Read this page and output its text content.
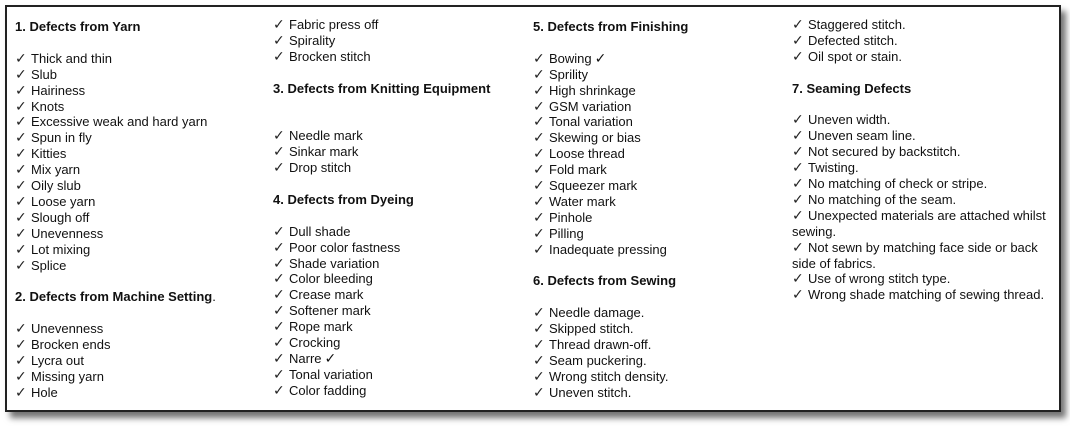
1. Defects from Yarn

✓ Thick and thin
✓ Slub
✓ Hairiness
✓ Knots
✓ Excessive weak and hard yarn
✓ Spun in fly
✓ Kitties
✓ Mix yarn
✓ Oily slub
✓ Loose yarn
✓ Slough off
✓ Unevenness
✓ Lot mixing
✓ Splice

2. Defects from Machine Setting.

✓ Unevenness
✓ Brocken ends
✓ Lycra out
✓ Missing yarn
✓ Hole
✓ Fabric press off
✓ Spirality
✓ Brocken stitch

3. Defects from Knitting Equipment

✓ Needle mark
✓ Sinkar mark
✓ Drop stitch

4. Defects from Dyeing

✓ Dull shade
✓ Poor color fastness
✓ Shade variation
✓ Color bleeding
✓ Crease mark
✓ Softener mark
✓ Rope mark
✓ Crocking
✓ Narre ✓
✓ Tonal variation
✓ Color fadding

5. Defects from Finishing

✓ Bowing ✓
✓ Sprility
✓ High shrinkage
✓ GSM variation
✓ Tonal variation
✓ Skewing or bias
✓ Loose thread
✓ Fold mark
✓ Squeezer mark
✓ Water mark
✓ Pinhole
✓ Pilling
✓ Inadequate pressing

6. Defects from Sewing

✓ Needle damage.
✓ Skipped stitch.
✓ Thread drawn-off.
✓ Seam puckering.
✓ Wrong stitch density.
✓ Uneven stitch.
✓ Staggered stitch.
✓ Defected stitch.
✓ Oil spot or stain.

7. Seaming Defects

✓ Uneven width.
✓ Uneven seam line.
✓ Not secured by backstitch.
✓ Twisting.
✓ No matching of check or stripe.
✓ No matching of the seam.
✓ Unexpected materials are attached whilst sewing.
✓ Not sewn by matching face side or back side of fabrics.
✓ Use of wrong stitch type.
✓ Wrong shade matching of sewing thread.
